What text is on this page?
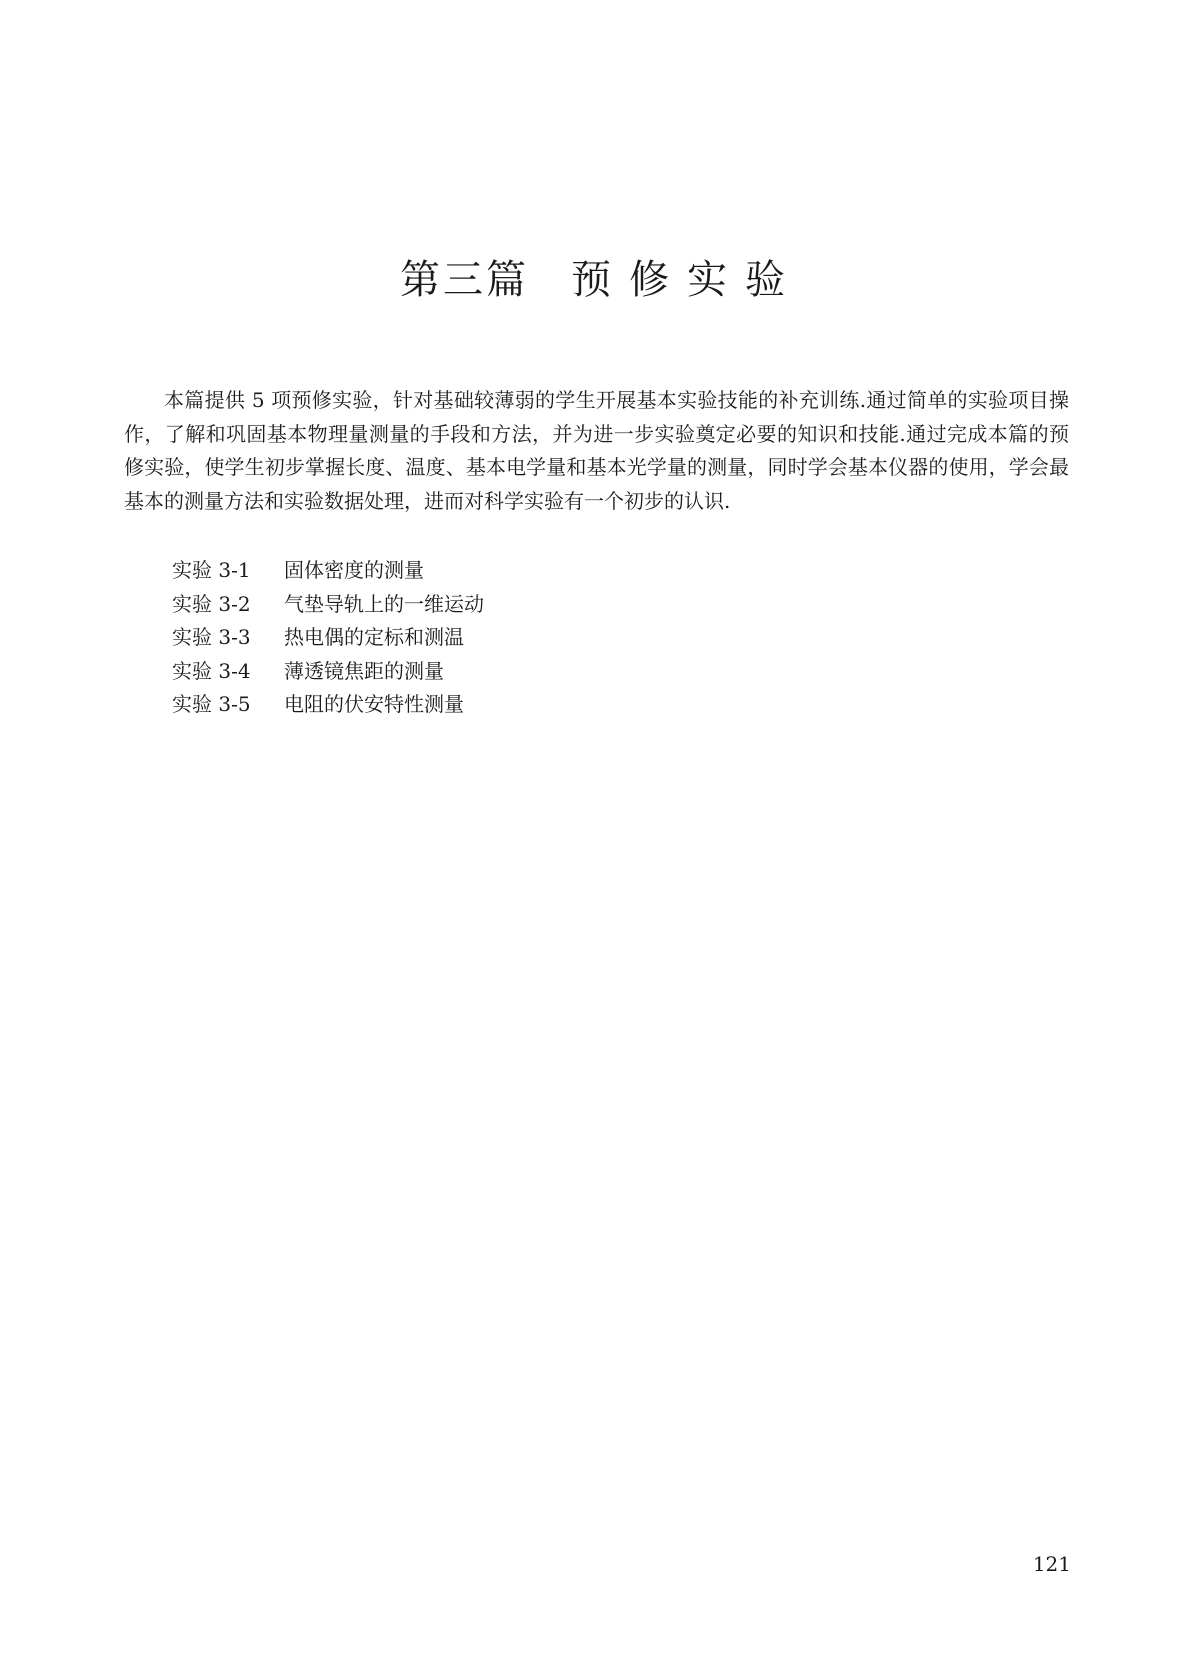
第三篇 预修实验

本篇提供 5 项预修实验，针对基础较薄弱的学生开展基本实验技能的补充训练.通过简单的实验项目操作，了解和巩固基本物理量测量的手段和方法，并为进一步实验奠定必要的知识和技能.通过完成本篇的预修实验，使学生初步掌握长度、温度、基本电学量和基本光学量的测量，同时学会基本仪器的使用，学会最基本的测量方法和实验数据处理，进而对科学实验有一个初步的认识.

实验 3-1 固体密度的测量
实验 3-2 气垫导轨上的一维运动
实验 3-3 热电偶的定标和测温
实验 3-4 薄透镜焦距的测量
实验 3-5 电阻的伏安特性测量
121
